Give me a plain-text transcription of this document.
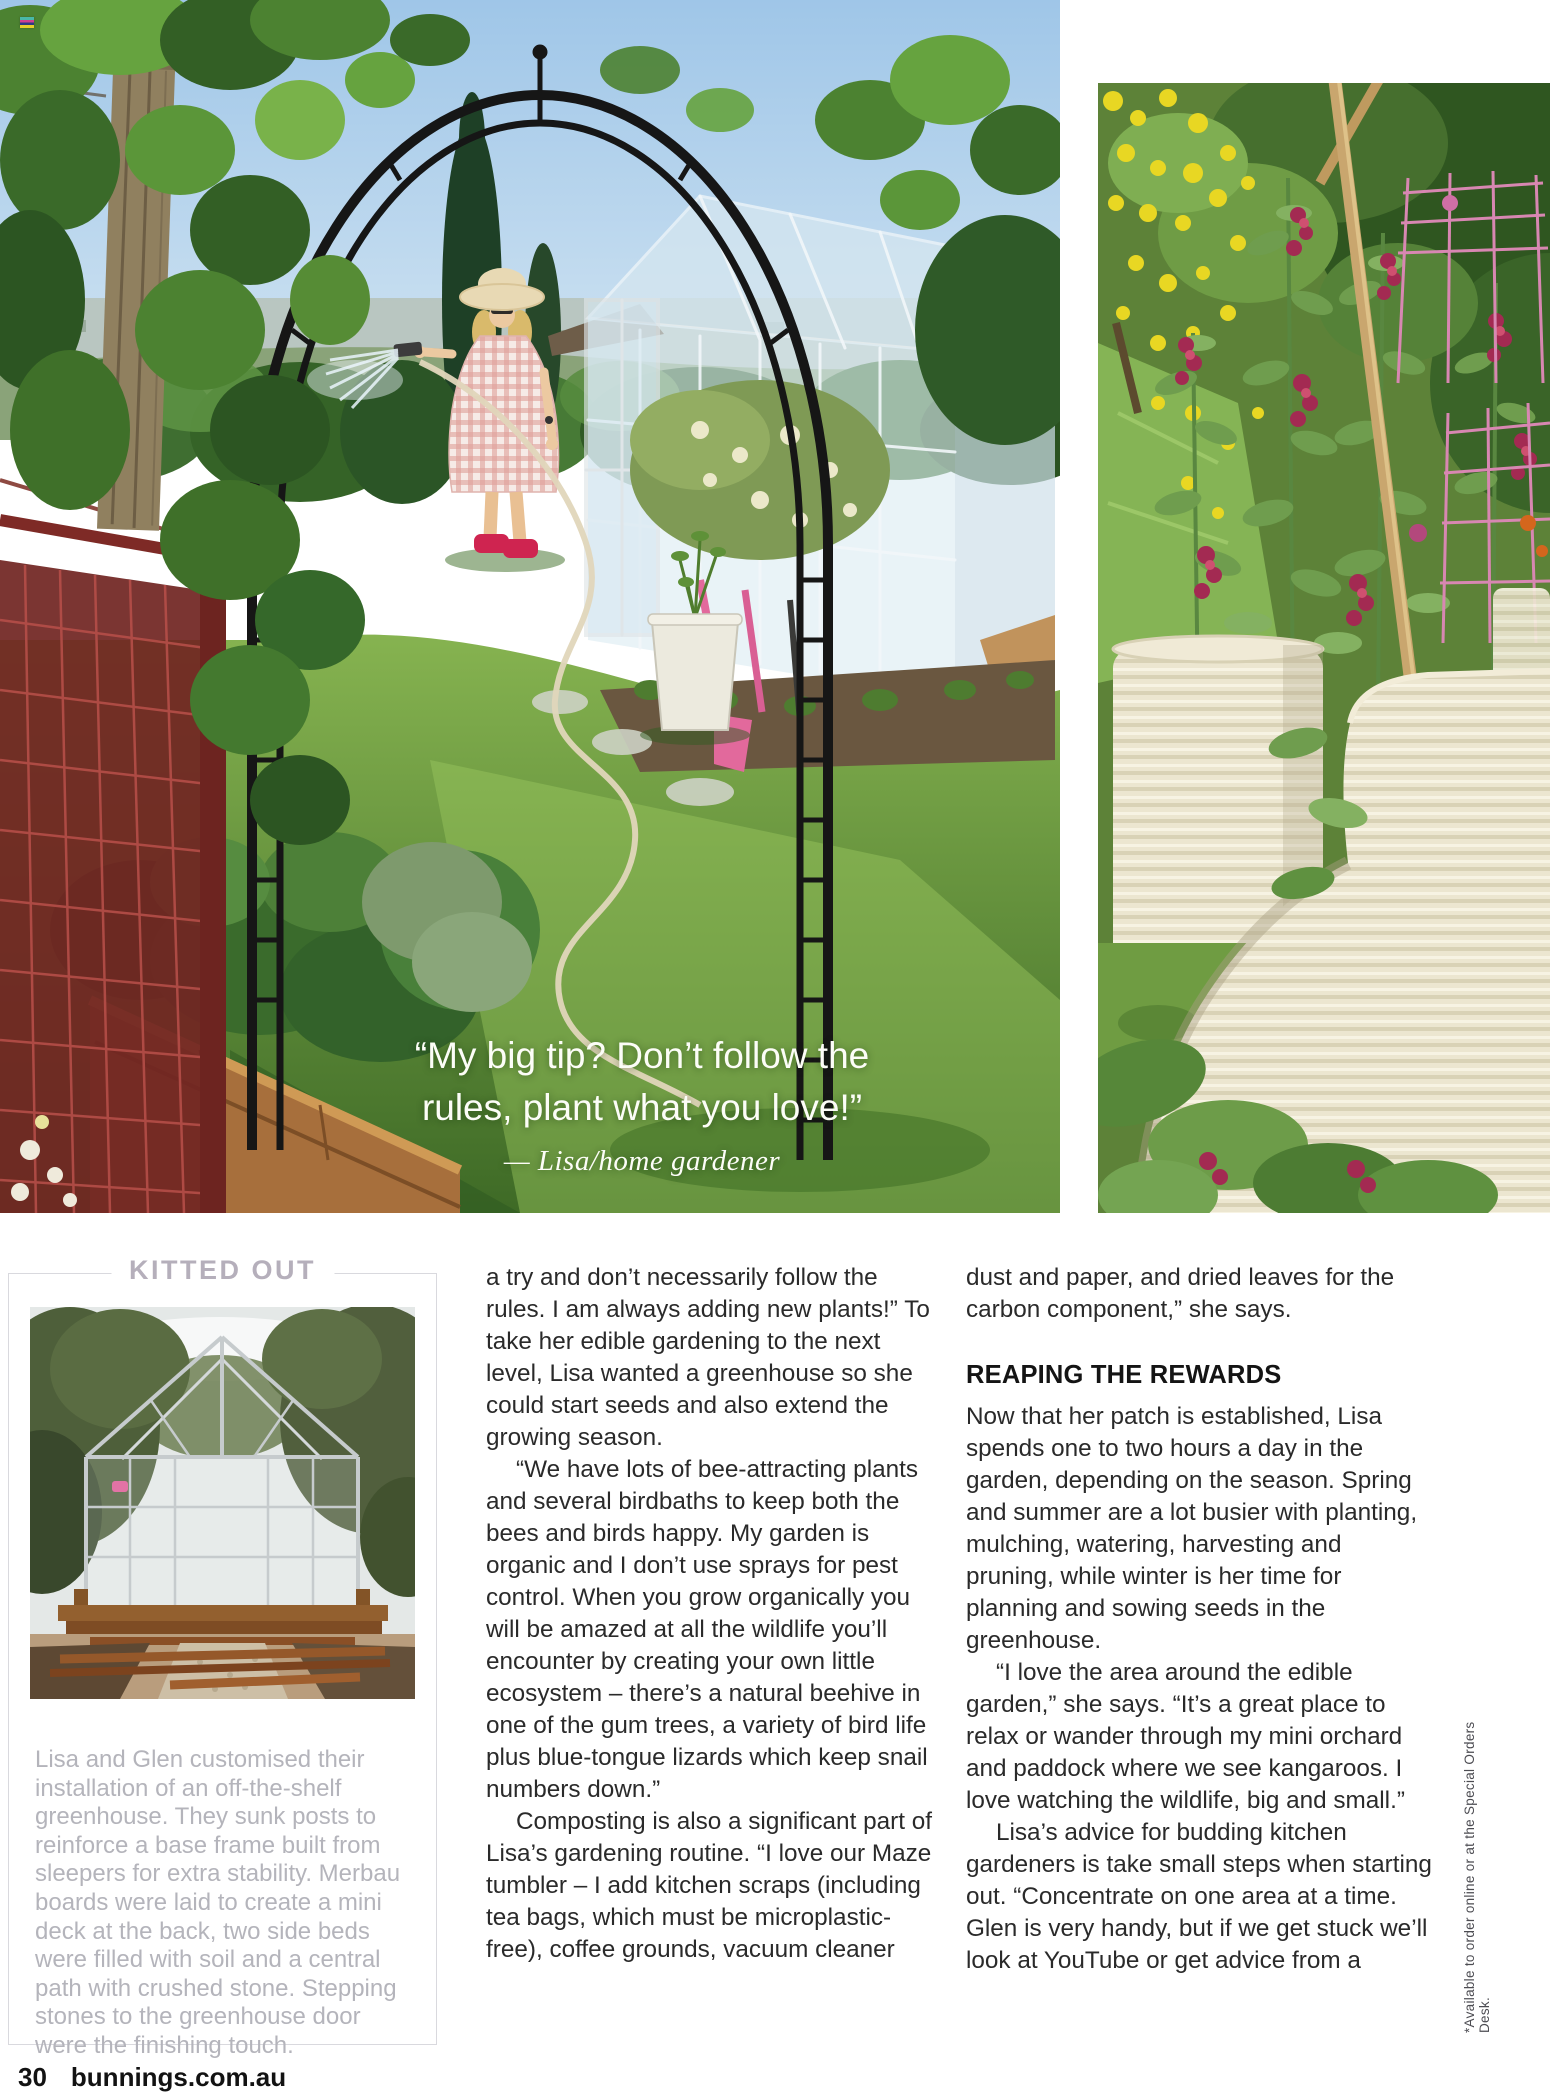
“My big tip? Don’t follow the
rules, plant what you love!”
— Lisa/home gardener
KITTED OUT

Lisa and Glen customised their installation of an off-the-shelf greenhouse. They sunk posts to reinforce a base frame built from sleepers for extra stability. Merbau boards were laid to create a mini deck at the back, two side beds were filled with soil and a central path with crushed stone. Stepping stones to the greenhouse door were the finishing touch.

a try and don’t necessarily follow the rules. I am always adding new plants!” To take her edible gardening to the next level, Lisa wanted a greenhouse so she could start seeds and also extend the growing season.

“We have lots of bee-attracting plants and several birdbaths to keep both the bees and birds happy. My garden is organic and I don’t use sprays for pest control. When you grow organically you will be amazed at all the wildlife you’ll encounter by creating your own little ecosystem – there’s a natural beehive in one of the gum trees, a variety of bird life plus blue-tongue lizards which keep snail numbers down.”

Composting is also a significant part of Lisa’s gardening routine. “I love our Maze tumbler – I add kitchen scraps (including tea bags, which must be microplastic-free), coffee grounds, vacuum cleaner

dust and paper, and dried leaves for the carbon component,” she says.

REAPING THE REWARDS

Now that her patch is established, Lisa spends one to two hours a day in the garden, depending on the season. Spring and summer are a lot busier with planting, mulching, watering, harvesting and pruning, while winter is her time for planning and sowing seeds in the greenhouse.

“I love the area around the edible garden,” she says. “It’s a great place to relax or wander through my mini orchard and paddock where we see kangaroos. I love watching the wildlife, big and small.”

Lisa’s advice for budding kitchen gardeners is take small steps when starting out. “Concentrate on one area at a time. Glen is very handy, but if we get stuck we’ll look at YouTube or get advice from a	*Available to order online or at the Special Orders Desk.
30 bunnings.com.au
